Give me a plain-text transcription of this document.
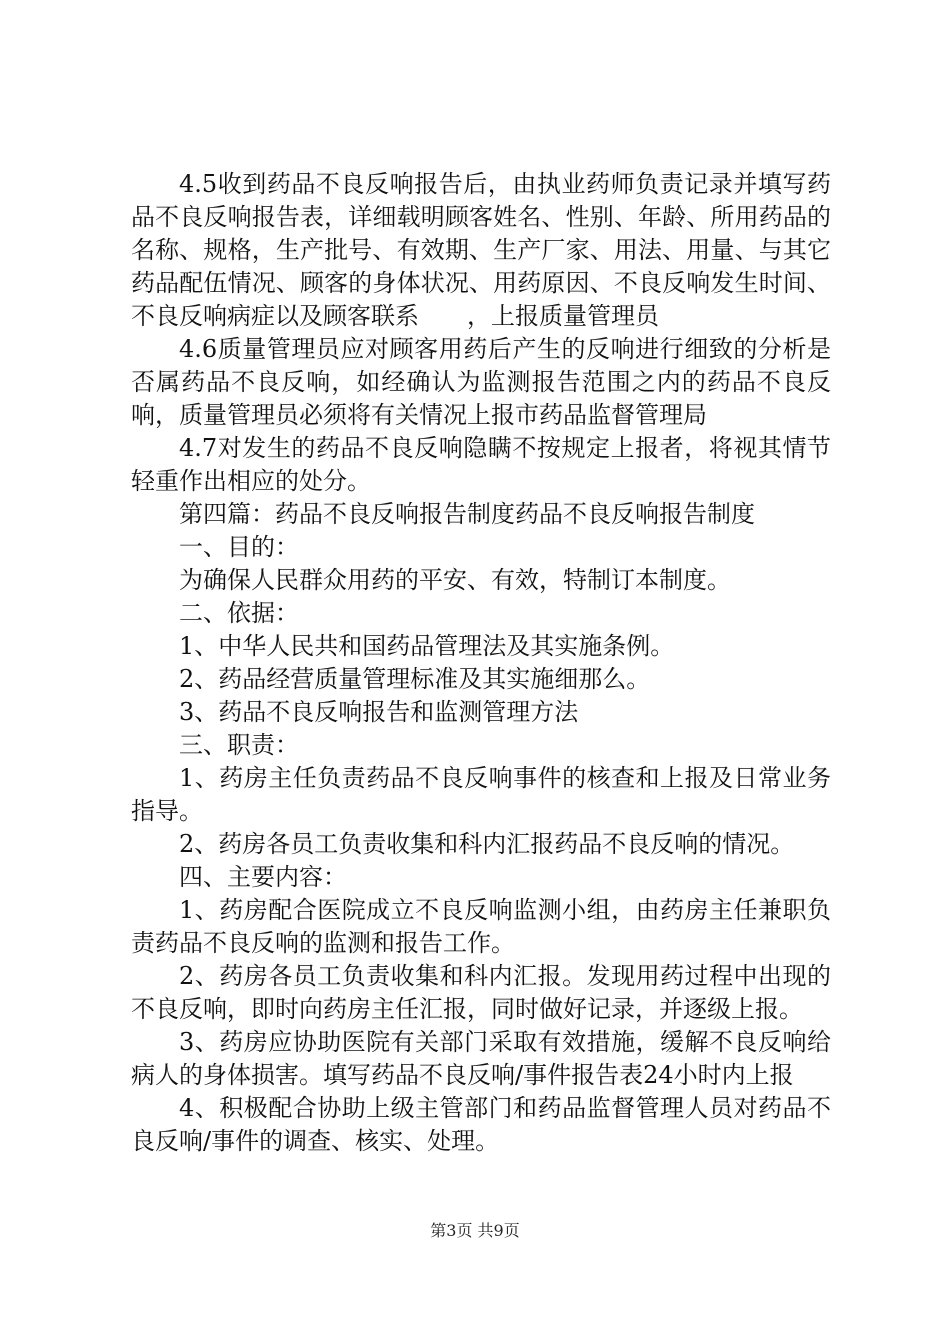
4.5收到药品不良反响报告后，由执业药师负责记录并填写药品不良反响报告表，详细载明顾客姓名、性别、年龄、所用药品的名称、规格，生产批号、有效期、生产厂家、用法、用量、与其它药品配伍情况、顾客的身体状况、用药原因、不良反响发生时间、不良反响病症以及顾客联系　　，上报质量管理员

4.6质量管理员应对顾客用药后产生的反响进行细致的分析是否属药品不良反响，如经确认为监测报告范围之内的药品不良反响，质量管理员必须将有关情况上报市药品监督管理局

4.7对发生的药品不良反响隐瞒不按规定上报者，将视其情节轻重作出相应的处分。

第四篇：药品不良反响报告制度药品不良反响报告制度

一、目的：

为确保人民群众用药的平安、有效，特制订本制度。

二、依据：

1、中华人民共和国药品管理法及其实施条例。

2、药品经营质量管理标准及其实施细那么。

3、药品不良反响报告和监测管理方法

三、职责：

1、药房主任负责药品不良反响事件的核查和上报及日常业务指导。

2、药房各员工负责收集和科内汇报药品不良反响的情况。

四、主要内容：

1、药房配合医院成立不良反响监测小组，由药房主任兼职负责药品不良反响的监测和报告工作。

2、药房各员工负责收集和科内汇报。发现用药过程中出现的不良反响，即时向药房主任汇报，同时做好记录，并逐级上报。

3、药房应协助医院有关部门采取有效措施，缓解不良反响给病人的身体损害。填写药品不良反响/事件报告表24小时内上报

4、积极配合协助上级主管部门和药品监督管理人员对药品不良反响/事件的调查、核实、处理。

第3页 共9页
